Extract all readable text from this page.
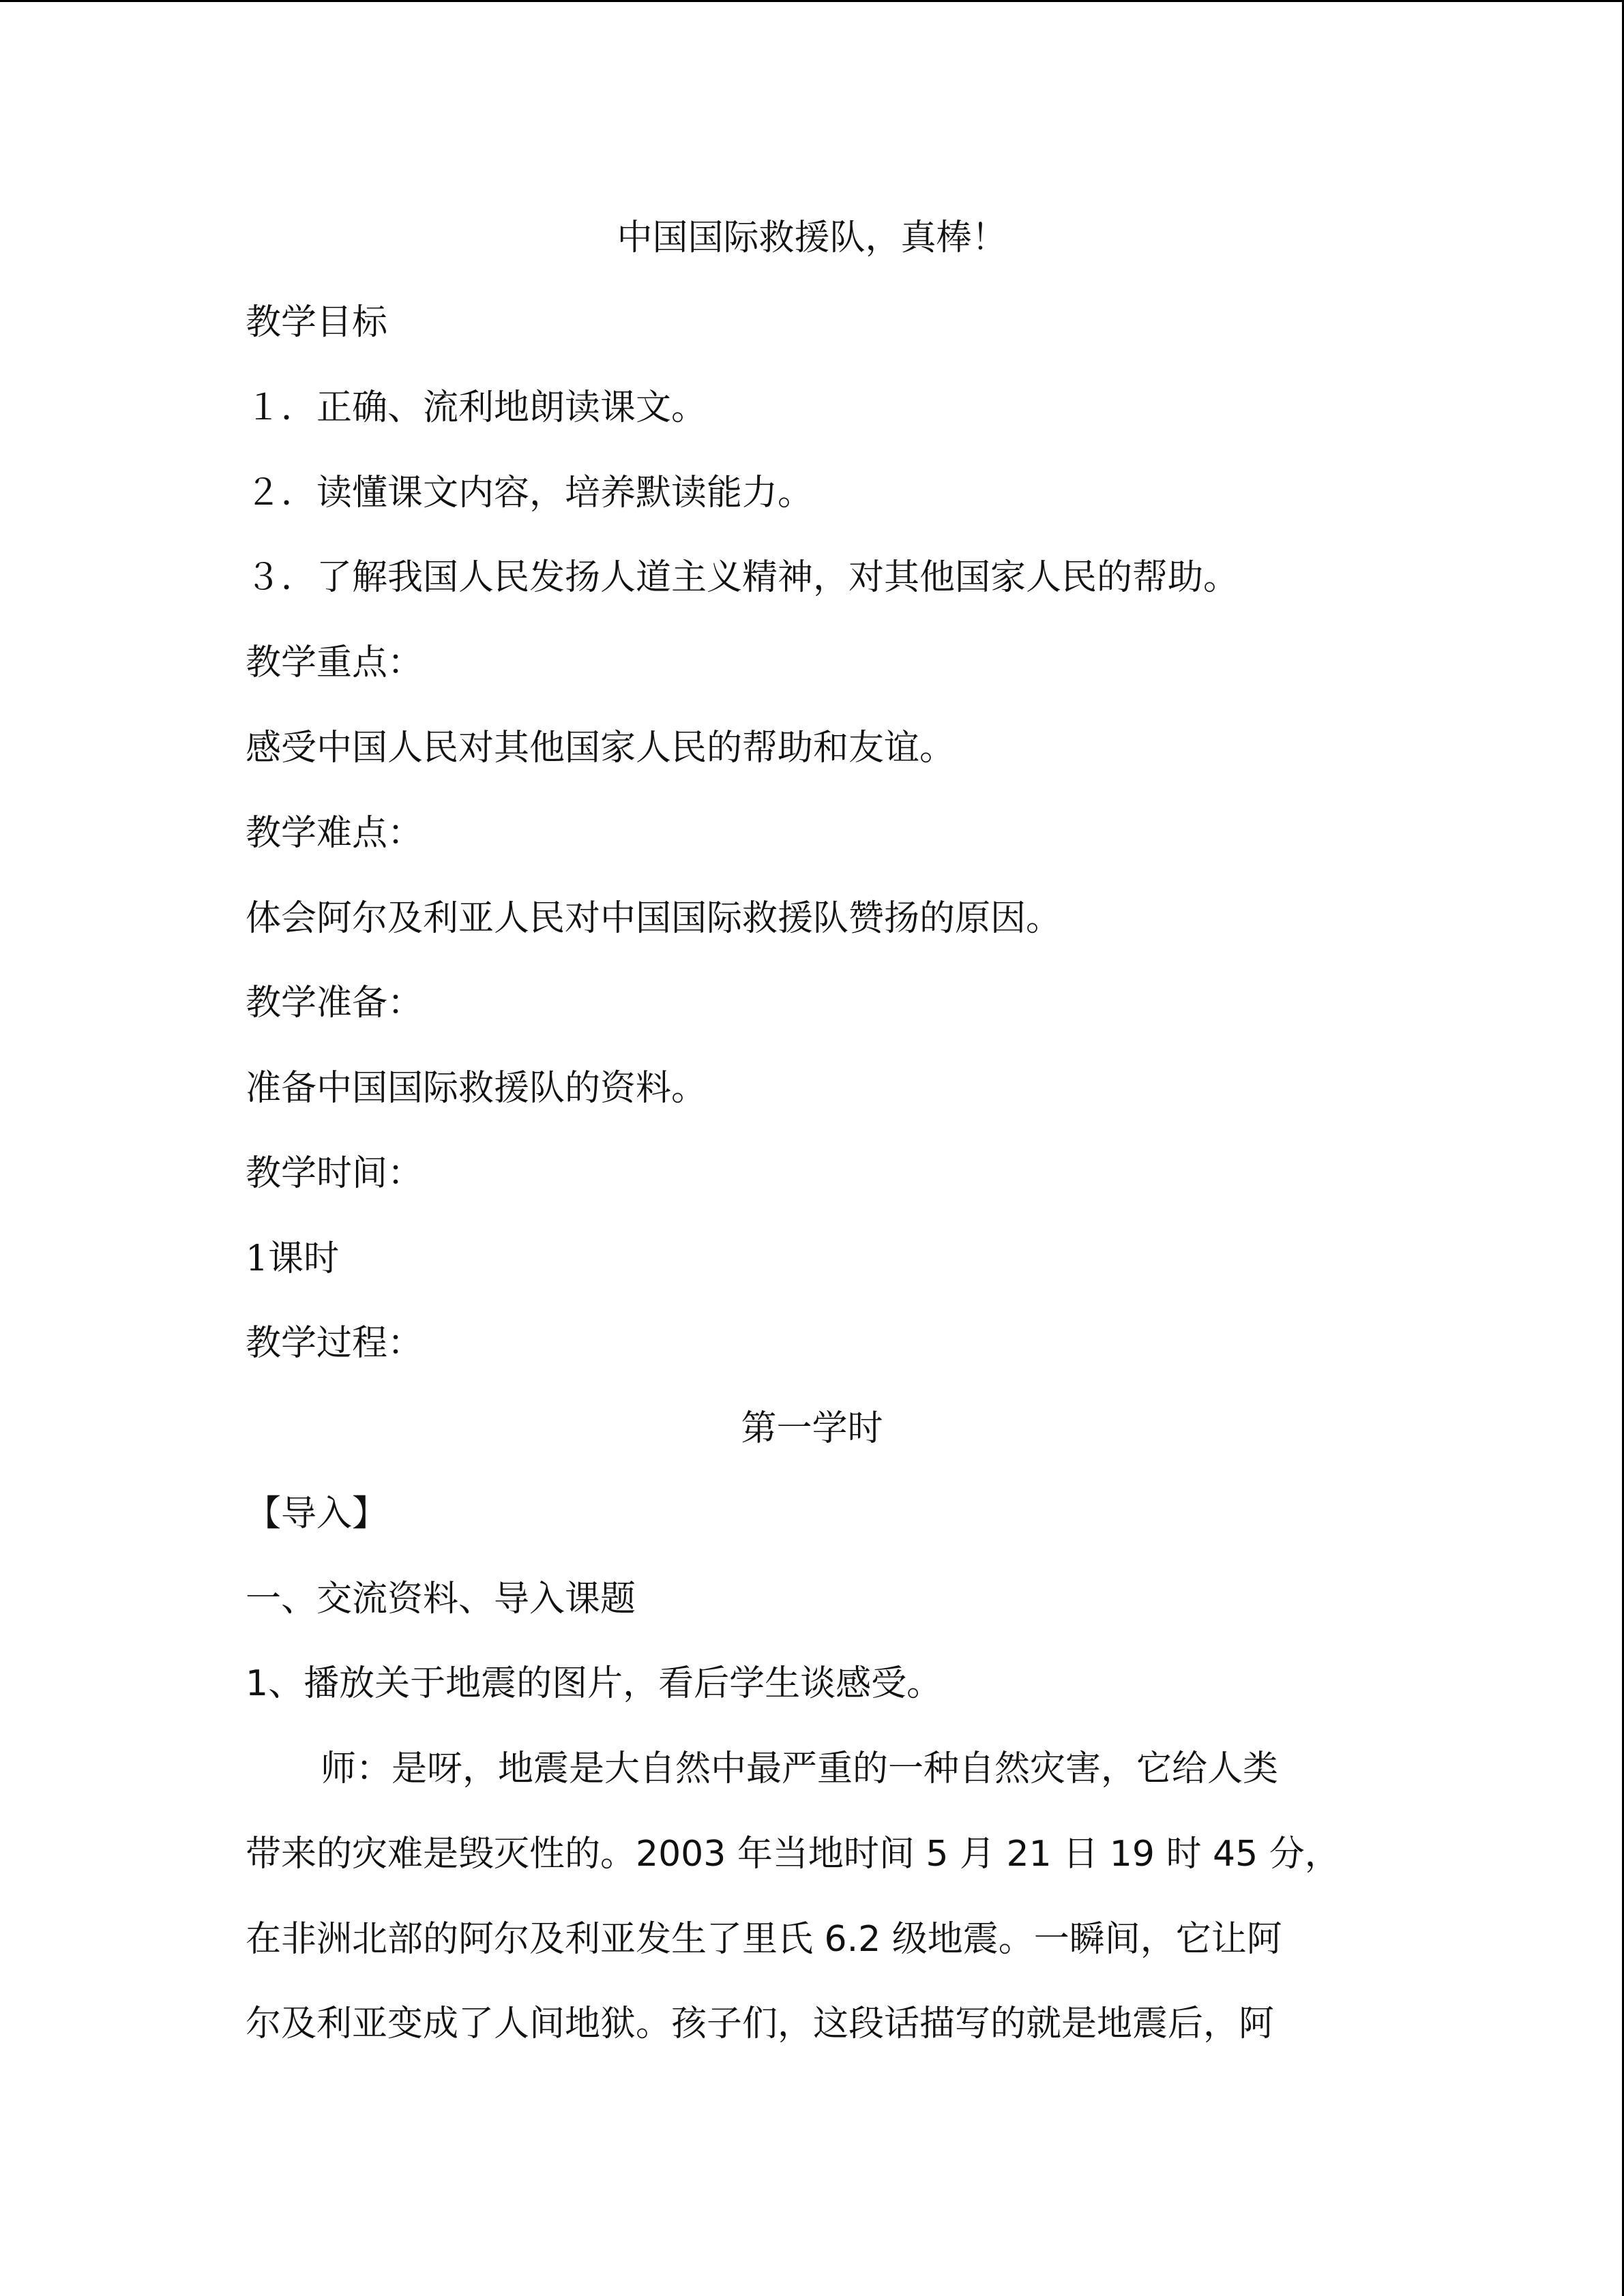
中国国际救援队，真棒！

教学目标

１．正确、流利地朗读课文。

２．读懂课文内容，培养默读能力。

３．了解我国人民发扬人道主义精神，对其他国家人民的帮助。

教学重点：

感受中国人民对其他国家人民的帮助和友谊。

教学难点：

体会阿尔及利亚人民对中国国际救援队赞扬的原因。

教学准备：

准备中国国际救援队的资料。

教学时间：

1课时

教学过程：

第一学时

【导入】

一、交流资料、导入课题

1、播放关于地震的图片，看后学生谈感受。

师：是呀，地震是大自然中最严重的一种自然灾害，它给人类

带来的灾难是毁灭性的。2003 年当地时间 5 月 21 日 19 时 45 分，

在非洲北部的阿尔及利亚发生了里氏 6.2 级地震。一瞬间，它让阿

尔及利亚变成了人间地狱。孩子们，这段话描写的就是地震后，阿
